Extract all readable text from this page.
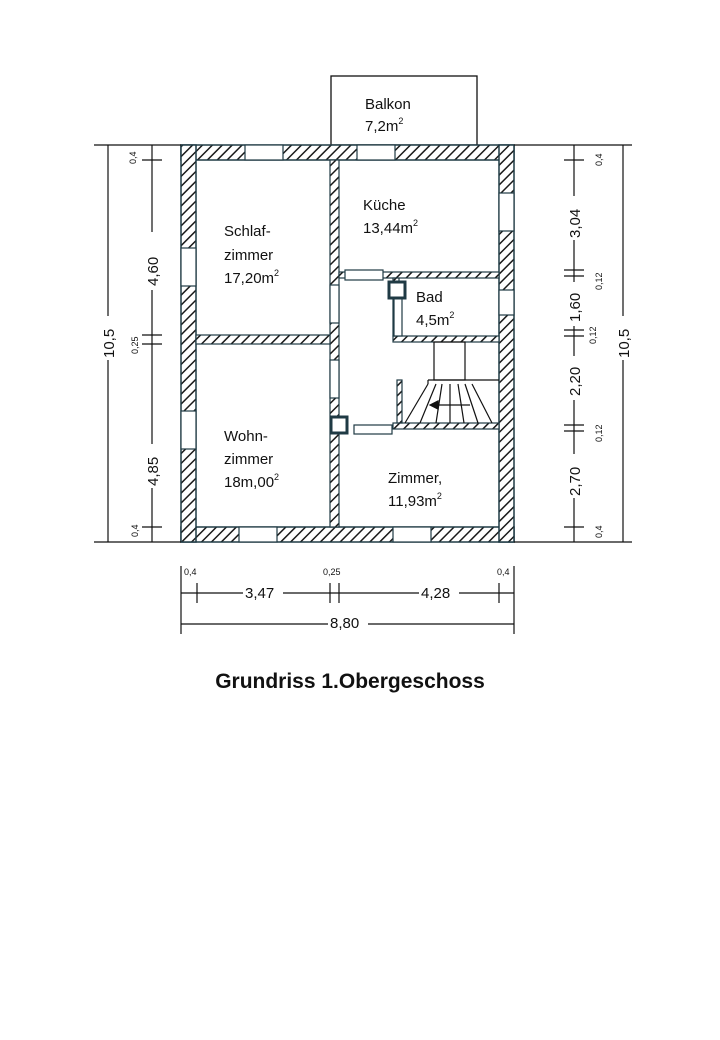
Balkon
$7,2m^2$
Küche
$13,44m^2$
Schlaf-
zimmer
$17,20m^2$
Bad
$4,5m^2$
Wohn-
zimmer
$18m,00^2$	Zimmer,
$11,93m^2$
10,5
4,60
4,85
0,4
0,25
0,4
10,5
3,04
1,60
2,20
2,70
0,4
0,12
0,12
0,12
0,4
3,47	4,28
8,80
0,4	0,25	0,4
Grundriss 1.Obergeschoss
